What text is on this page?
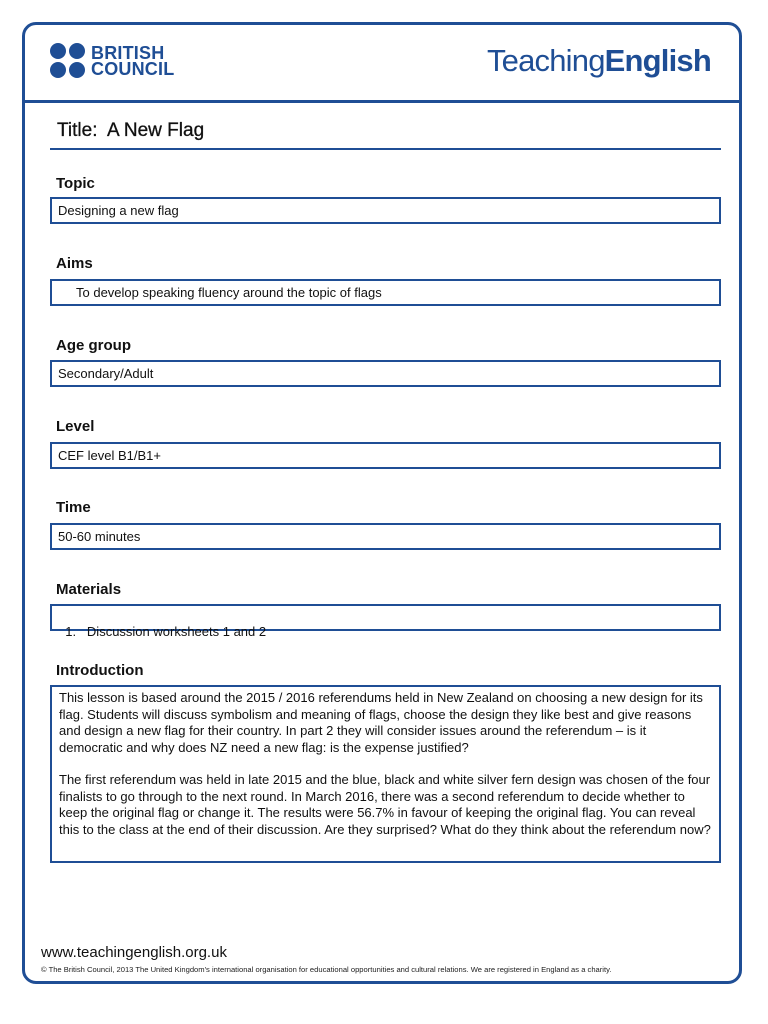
BRITISH
COUNCIL	TeachingEnglish
Title:  A New Flag
Topic
Designing a new flag
Aims
To develop speaking fluency around the topic of flags
Age group
Secondary/Adult
Level
CEF level B1/B1+
Time
50-60 minutes
Materials

1.   Discussion worksheets 1 and 2

Introduction

This lesson is based around the 2015 / 2016 referendums held in New Zealand on choosing a new design for its flag. Students will discuss symbolism and meaning of flags, choose the design they like best and give reasons and design a new flag for their country. In part 2 they will consider issues around the referendum – is it democratic and why does NZ need a new flag: is the expense justified?

The first referendum was held in late 2015 and the blue, black and white silver fern design was chosen of the four finalists to go through to the next round. In March 2016, there was a second referendum to decide whether to keep the original flag or change it. The results were 56.7% in favour of keeping the original flag. You can reveal this to the class at the end of their discussion. Are they surprised? What do they think about the referendum now?

www.teachingenglish.org.uk
© The British Council, 2013 The United Kingdom's international organisation for educational opportunities and cultural relations. We are registered in England as a charity.
